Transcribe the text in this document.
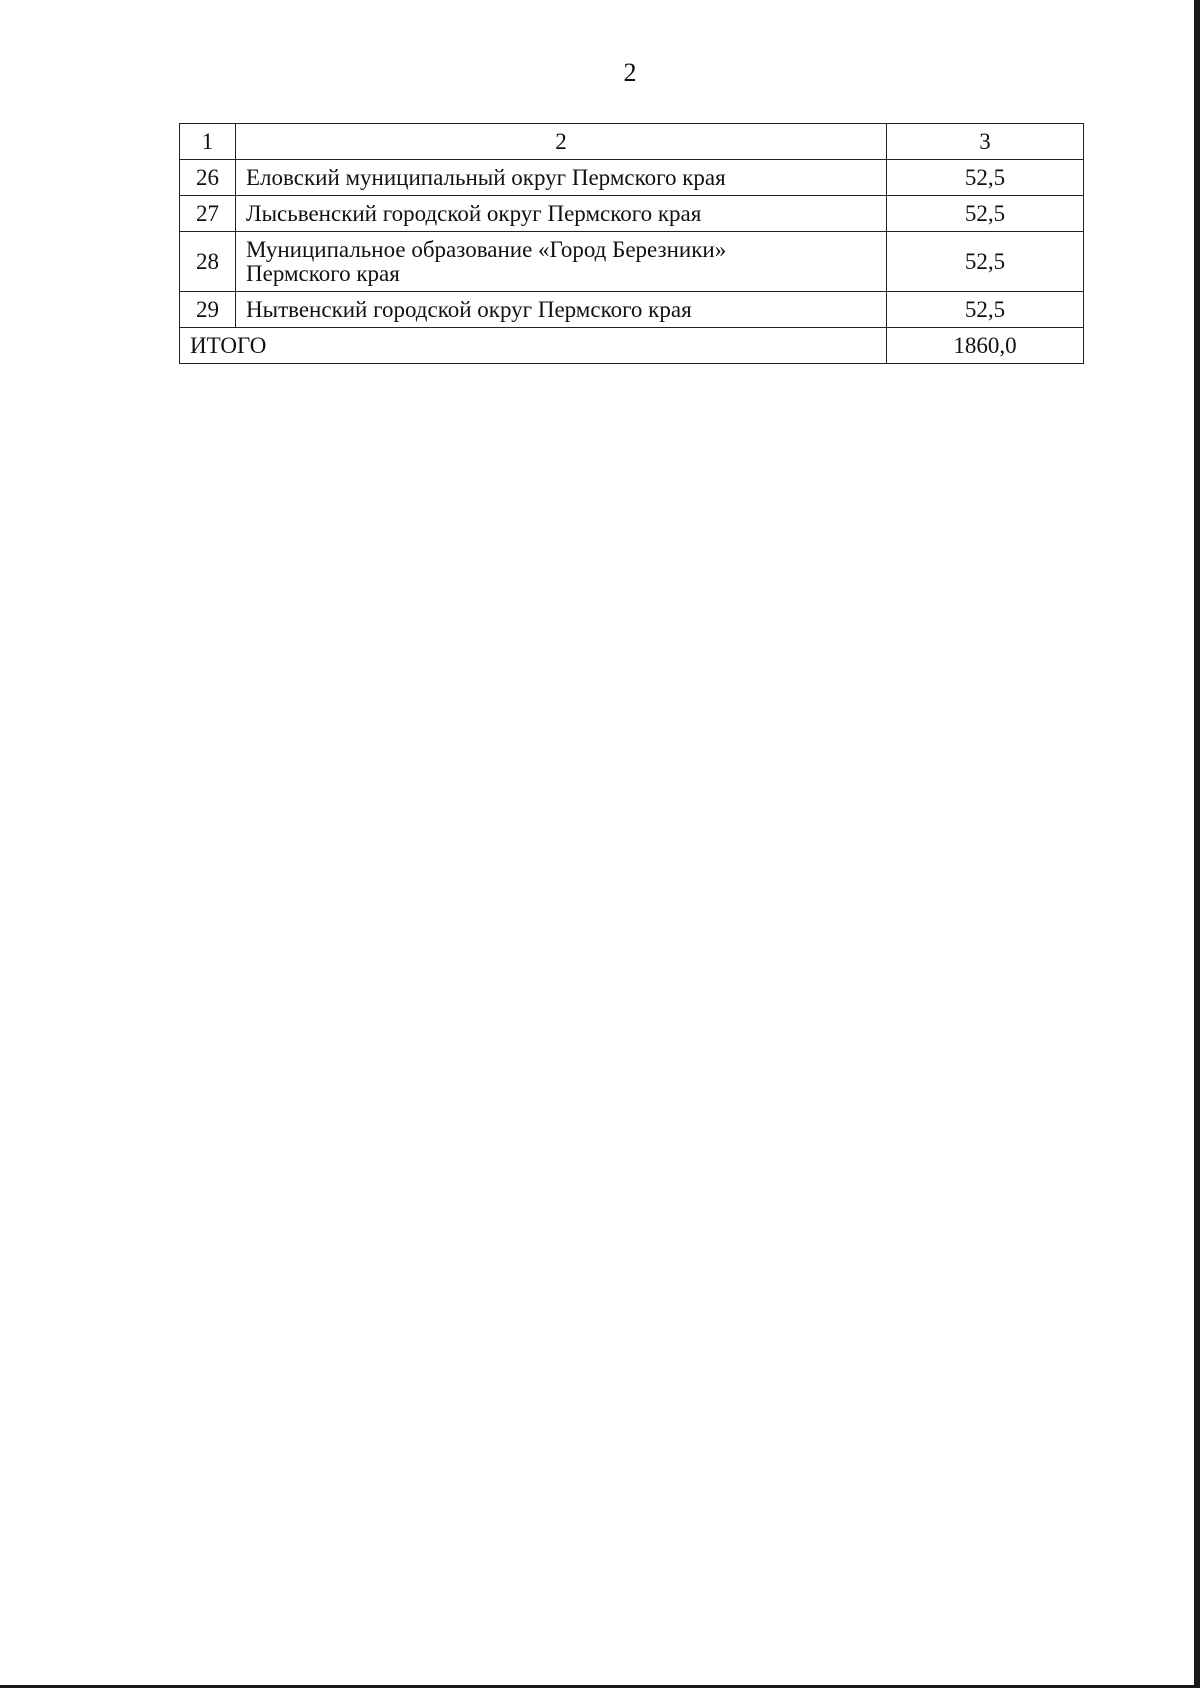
2
1	2	3
26	Еловский муниципальный округ Пермского края	52,5
27	Лысьвенский городской округ Пермского края	52,5
28	Муниципальное образование «Город Березники»
Пермского края	52,5
29	Нытвенский городской округ Пермского края	52,5
ИТОГО		1860,0
